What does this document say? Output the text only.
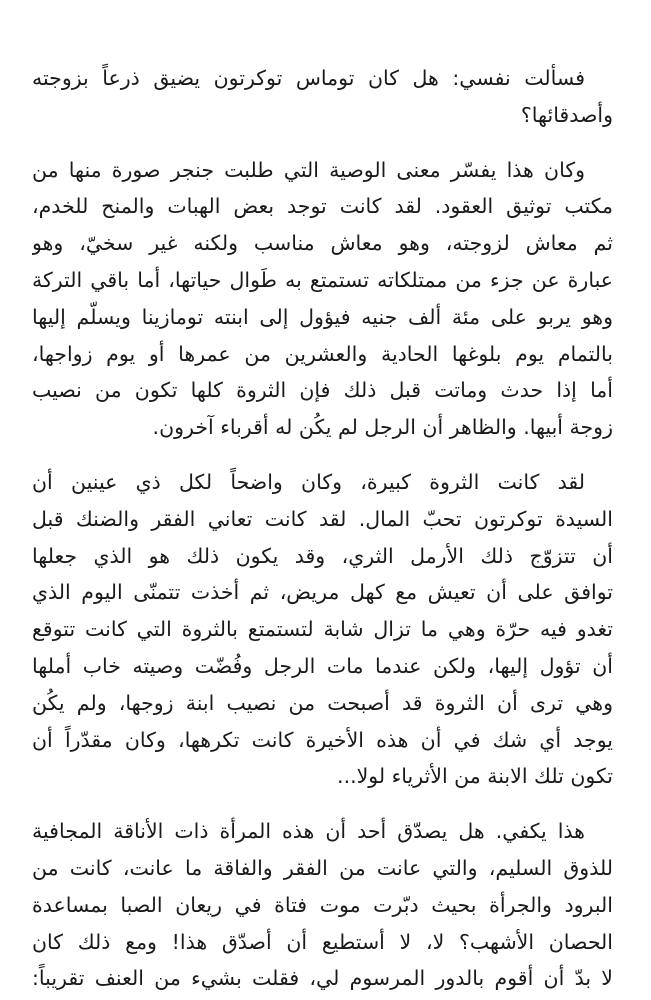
فسألت نفسي: هل كان توماس توكرتون يضيق ذرعاً بزوجته
وأصدقائها؟
وكان هذا يفسّر معنى الوصية التي طلبت جنجر صورة منها من
مكتب توثيق العقود. لقد كانت توجد بعض الهبات والمنح للخدم،
ثم معاش لزوجته، وهو معاش مناسب ولكنه غير سخيّ، وهو
عبارة عن جزء من ممتلكاته تستمتع به طَوال حياتها، أما باقي التركة
وهو يربو على مئة ألف جنيه فيؤول إلى ابنته تومازينا ويسلّم إليها
بالتمام يوم بلوغها الحادية والعشرين من عمرها أو يوم زواجها،
أما إذا حدث وماتت قبل ذلك فإن الثروة كلها تكون من نصيب
زوجة أبيها. والظاهر أن الرجل لم يكُن له أقرباء آخرون.
لقد كانت الثروة كبيرة، وكان واضحاً لكل ذي عينين أن
السيدة توكرتون تحبّ المال. لقد كانت تعاني الفقر والضنك قبل
أن تتزوّج ذلك الأرمل الثري، وقد يكون ذلك هو الذي جعلها
توافق على أن تعيش مع كهل مريض، ثم أخذت تتمنّى اليوم الذي
تغدو فيه حرّة وهي ما تزال شابة لتستمتع بالثروة التي كانت تتوقع
أن تؤول إليها، ولكن عندما مات الرجل وفُضّت وصيته خاب أملها
وهي ترى أن الثروة قد أصبحت من نصيب ابنة زوجها، ولم يكُن
يوجد أي شك في أن هذه الأخيرة كانت تكرهها، وكان مقدّراً أن
تكون تلك الابنة من الأثرياء لولا...
هذا يكفي. هل يصدّق أحد أن هذه المرأة ذات الأناقة المجافية
للذوق السليم، والتي عانت من الفقر والفاقة ما عانت، كانت من
البرود والجرأة بحيث دبّرت موت فتاة في ريعان الصبا بمساعدة
الحصان الأشهب؟ لا، لا أستطيع أن أصدّق هذا! ومع ذلك كان
لا بدّ أن أقوم بالدور المرسوم لي، فقلت بشيء من العنف تقريباً:
